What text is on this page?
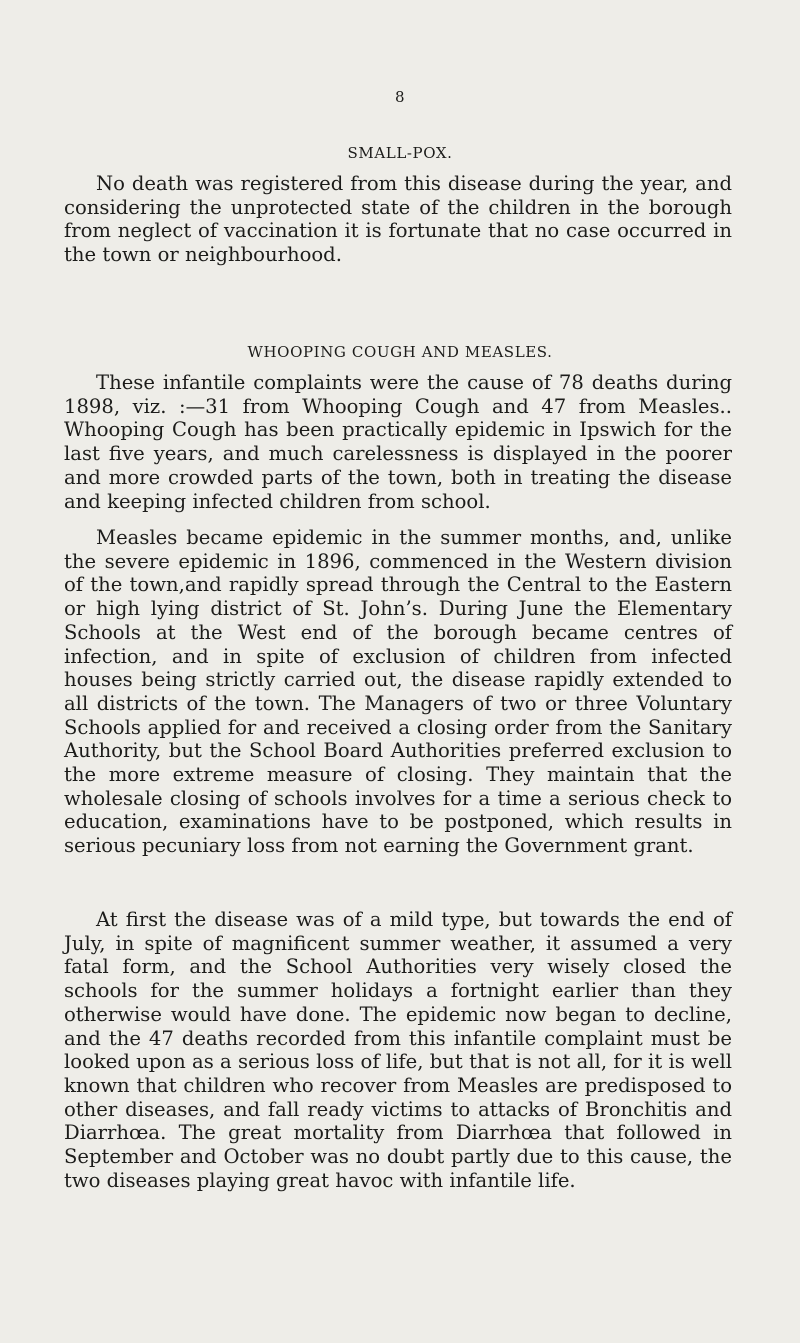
8
SMALL-POX.

No death was registered from this disease during the year, and considering the unprotected state of the children in the borough from neglect of vaccination it is fortunate that no case occurred in the town or neighbourhood.

WHOOPING COUGH AND MEASLES.

These infantile complaints were the cause of 78 deaths during 1898, viz. :—31 from Whooping Cough and 47 from Measles.. Whooping Cough has been practically epidemic in Ipswich for the last five years, and much carelessness is displayed in the poorer and more crowded parts of the town, both in treating the disease and keeping infected children from school.

Measles became epidemic in the summer months, and, unlike the severe epidemic in 1896, commenced in the Western division of the town,and rapidly spread through the Central to the Eastern or high lying district of St. John’s. During June the Elementary Schools at the West end of the borough became centres of infection, and in spite of exclusion of children from infected houses being strictly carried out, the disease rapidly extended to all districts of the town. The Managers of two or three Voluntary Schools applied for and received a closing order from the Sanitary Authority, but the School Board Authorities preferred exclusion to the more extreme measure of closing. They maintain that the wholesale closing of schools involves for a time a serious check to education, examinations have to be postponed, which results in serious pecuniary loss from not earning the Government grant.

At first the disease was of a mild type, but towards the end of July, in spite of magnificent summer weather, it assumed a very fatal form, and the School Authorities very wisely closed the schools for the summer holidays a fortnight earlier than they otherwise would have done. The epidemic now began to decline, and the 47 deaths recorded from this infantile complaint must be looked upon as a serious loss of life, but that is not all, for it is well known that children who recover from Measles are predisposed to other diseases, and fall ready victims to attacks of Bronchitis and Diarrhœa. The great mortality from Diarrhœa that followed in September and October was no doubt partly due to this cause, the two diseases playing great havoc with infantile life.
